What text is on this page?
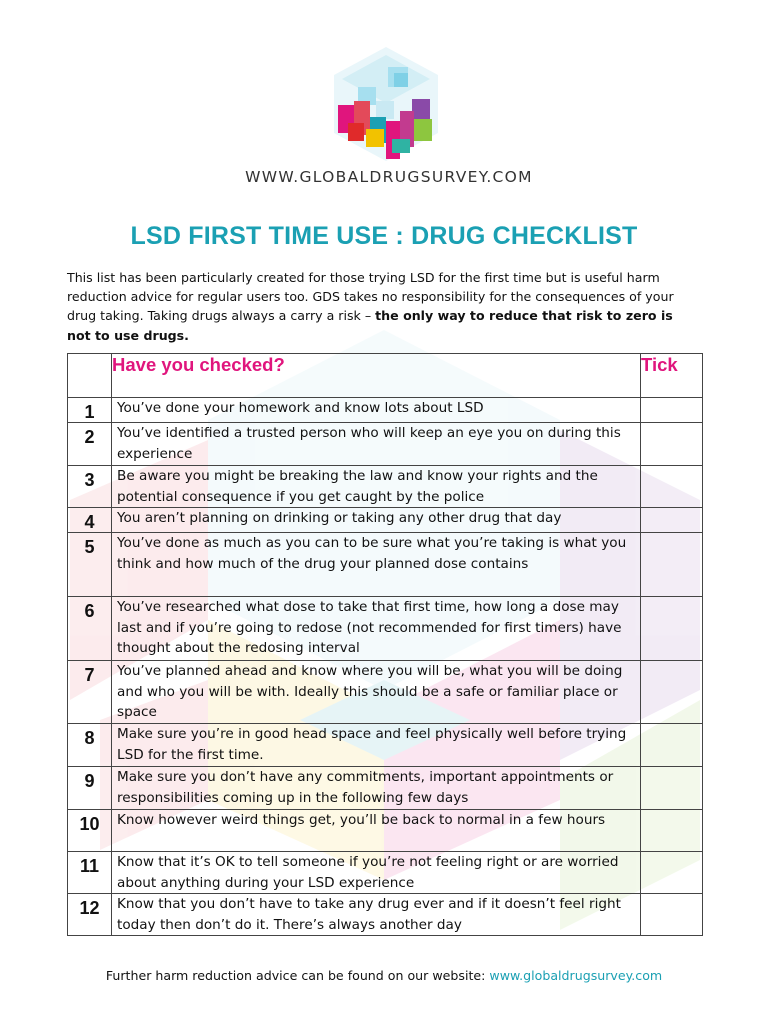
WWW.GLOBALDRUGSURVEY.COM
LSD FIRST TIME USE : DRUG CHECKLIST

This list has been particularly created for those trying LSD for the first time but is useful harm reduction advice for regular users too. GDS takes no responsibility for the consequences of your drug taking. Taking drugs always a carry a risk – the only way to reduce that risk to zero is not to use drugs.

	Have you checked?	Tick
1	You’ve done your homework and know lots about LSD	
2	You’ve identified a trusted person who will keep an eye you on during this experience	
3	Be aware you might be breaking the law and know your rights and the potential consequence if you get caught by the police	
4	You aren’t planning on drinking or taking any other drug that day	
5	You’ve done as much as you can to be sure what you’re taking is what you think and how much of the drug your planned dose contains	
6	You’ve researched what dose to take that first time, how long a dose may last and if you’re going to redose (not recommended for first timers) have thought about the redosing interval	
7	You’ve planned ahead and know where you will be, what you will be doing and who you will be with. Ideally this should be a safe or familiar place or space	
8	Make sure you’re in good head space and feel physically well before trying LSD for the first time.	
9	Make sure you don’t have any commitments, important appointments or responsibilities coming up in the following few days	
10	Know however weird things get, you’ll be back to normal in a few hours	
11	Know that it’s OK to tell someone if you’re not feeling right or are worried about anything during your LSD experience	
12	Know that you don’t have to take any drug ever and if it doesn’t feel right today then don’t do it. There’s always another day	
Further harm reduction advice can be found on our website: www.globaldrugsurvey.com
